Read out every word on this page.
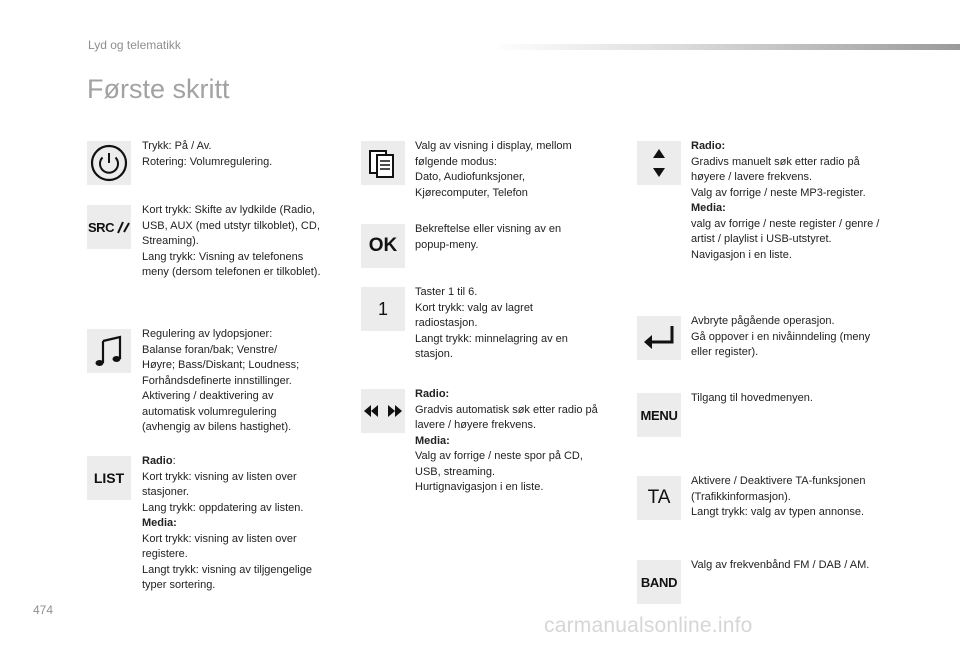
Lyd og telematikk
Første skritt
Trykk: På / Av.
Rotering: Volumregulering.
SRC
Kort trykk: Skifte av lydkilde (Radio,
USB, AUX (med utstyr tilkoblet), CD,
Streaming).
Lang trykk: Visning av telefonens
meny (dersom telefonen er tilkoblet).
Regulering av lydopsjoner:
Balanse foran/bak; Venstre/
Høyre; Bass/Diskant; Loudness;
Forhåndsdefinerte innstillinger.
Aktivering / deaktivering av
automatisk volumregulering
(avhengig av bilens hastighet).
LIST
Radio:
Kort trykk: visning av listen over
stasjoner.
Lang trykk: oppdatering av listen.
Media:
Kort trykk: visning av listen over
registere.
Langt trykk: visning av tiljgengelige
typer sortering.
Valg av visning i display, mellom
følgende modus:
Dato, Audiofunksjoner,
Kjørecomputer, Telefon
OK
Bekreftelse eller visning av en
popup-meny.
1
Taster 1 til 6.
Kort trykk: valg av lagret
radiostasjon.
Langt trykk: minnelagring av en
stasjon.
Radio:
Gradvis automatisk søk etter radio på
lavere / høyere frekvens.
Media:
Valg av forrige / neste spor på CD,
USB, streaming.
Hurtignavigasjon i en liste.
Radio:
Gradivs manuelt søk etter radio på
høyere / lavere frekvens.
Valg av forrige / neste MP3-register.
Media:
valg av forrige / neste register / genre /
artist / playlist i USB-utstyret.
Navigasjon i en liste.
Avbryte pågående operasjon.
Gå oppover i en nivåinndeling (meny
eller register).
MENU
Tilgang til hovedmenyen.
TA
Aktivere / Deaktivere TA-funksjonen
(Trafikkinformasjon).
Langt trykk: valg av typen annonse.
BAND
Valg av frekvenbånd FM / DAB / AM.
474
carmanualsonline.info
